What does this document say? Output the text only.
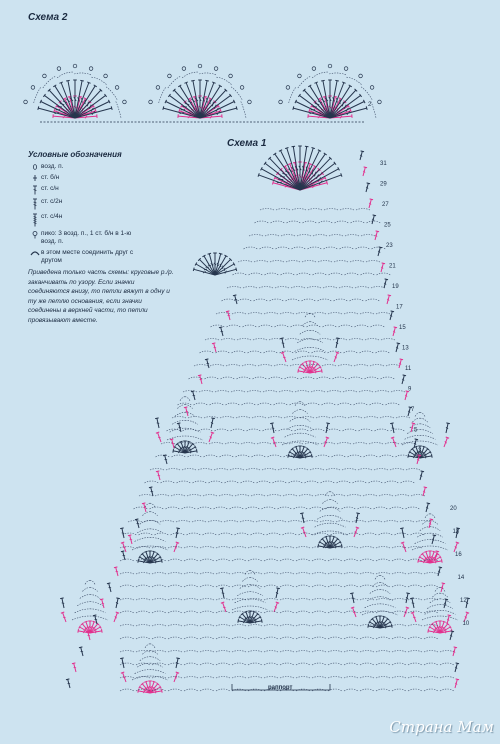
Схема 2
Схема 1

Условные обозначения

возд. п.
ст. б/н
ст. с/н
ст. с/2н
ст. с/4н
пико: 3 возд. п., 1 ст. б/н в 1-ю возд. п.
в этом месте соединить друг с другом

Приведена только часть схемы: круговые р./р. заканчивать по узору. Если значки соединяются внизу, то петли вяжут в одну и ту же петлю основания, если значки соединены в верхней части, то петли провязывают вместе.

31
29
27
25
23
21
19
17
15
13
11
9
7
5
3
20
18
16
14
12
10
2
раппорт
Страна Мам
